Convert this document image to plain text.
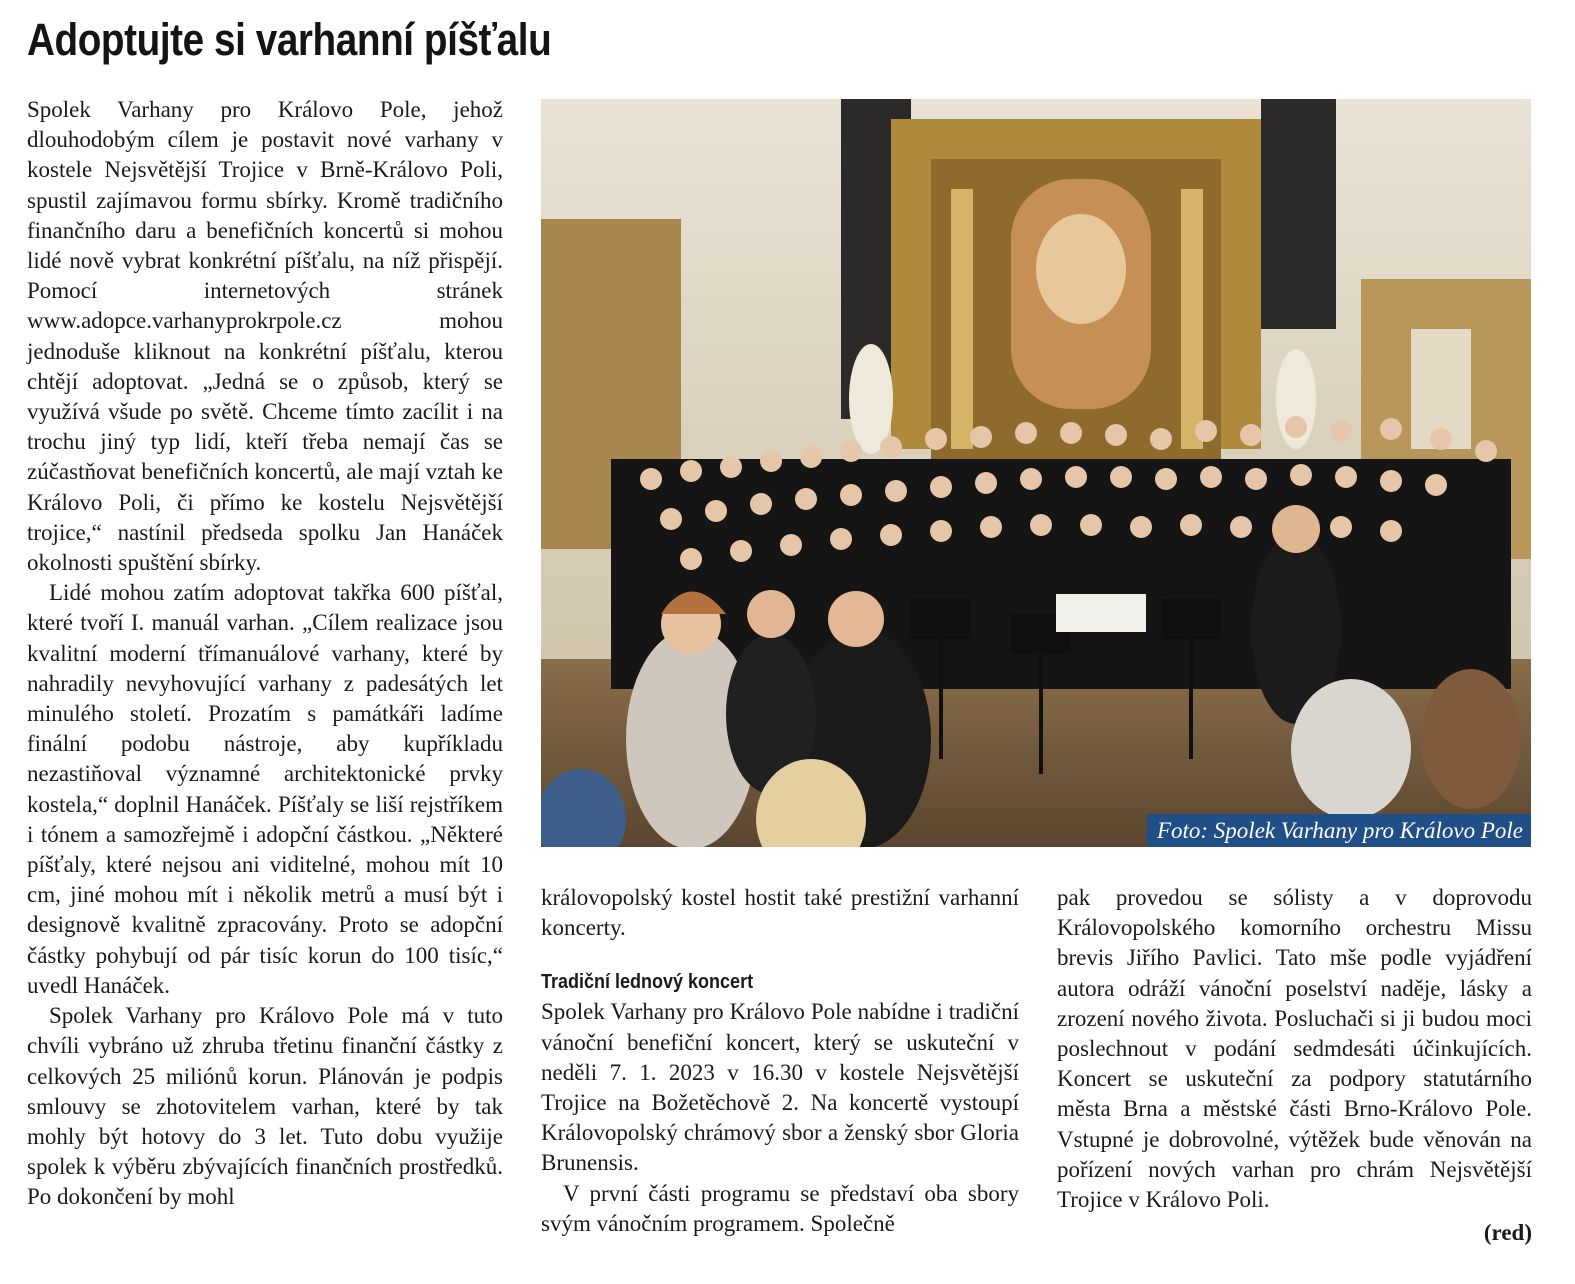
Adoptujte si varhanní píšťalu

Spolek Varhany pro Královo Pole, jehož dlouhodobým cílem je postavit nové varhany v kostele Nejsvětější Trojice v Brně-Královo Poli, spustil zajímavou formu sbírky. Kromě tradičního finančního daru a benefičních koncertů si mohou lidé nově vybrat konkrétní píšťalu, na níž přispějí. Pomocí internetových stránek www.adopce.varhanyprokrpole.cz mohou jednoduše kliknout na konkrétní píšťalu, kterou chtějí adoptovat. „Jedná se o způsob, který se využívá všude po světě. Chceme tímto zacílit i na trochu jiný typ lidí, kteří třeba nemají čas se zúčastňovat benefičních koncertů, ale mají vztah ke Královo Poli, či přímo ke kostelu Nejsvětější trojice,“ nastínil předseda spolku Jan Hanáček okolnosti spuštění sbírky.

Lidé mohou zatím adoptovat takřka 600 píšťal, které tvoří I. manuál varhan. „Cílem realizace jsou kvalitní moderní třímanuálové varhany, které by nahradily nevyhovující varhany z padesátých let minulého století. Prozatím s památkáři ladíme finální podobu nástroje, aby kupříkladu nezastiňoval významné architektonické prvky kostela,“ doplnil Hanáček. Píšťaly se liší rejstříkem i tónem a samozřejmě i adopční částkou. „Některé píšťaly, které nejsou ani viditelné, mohou mít 10 cm, jiné mohou mít i několik metrů a musí být i designově kvalitně zpracovány. Proto se adopční částky pohybují od pár tisíc korun do 100 tisíc,“ uvedl Hanáček.

Spolek Varhany pro Královo Pole má v tuto chvíli vybráno už zhruba třetinu finanční částky z celkových 25 miliónů korun. Plánován je podpis smlouvy se zhotovitelem varhan, které by tak mohly být hotovy do 3 let. Tuto dobu využije spolek k výběru zbývajících finančních prostředků. Po dokončení by mohl

Foto: Spolek Varhany pro Královo Pole

královopolský kostel hostit také prestižní varhanní koncerty.

Tradiční lednový koncert

Spolek Varhany pro Královo Pole nabídne i tradiční vánoční benefiční koncert, který se uskuteční v neděli 7. 1. 2023 v 16.30 v kostele Nejsvětější Trojice na Božetěchově 2. Na koncertě vystoupí Královopolský chrámový sbor a ženský sbor Gloria Brunensis.

V první části programu se představí oba sbory svým vánočním programem. Společně

pak provedou se sólisty a v doprovodu Královopolského komorního orchestru Missu brevis Jiřího Pavlici. Tato mše podle vyjádření autora odráží vánoční poselství naděje, lásky a zrození nového života. Posluchači si ji budou moci poslechnout v podání sedmdesáti účinkujících. Koncert se uskuteční za podpory statutárního města Brna a městské části Brno-Královo Pole. Vstupné je dobrovolné, výtěžek bude věnován na pořízení nových varhan pro chrám Nejsvětější Trojice v Královo Poli.

(red)
